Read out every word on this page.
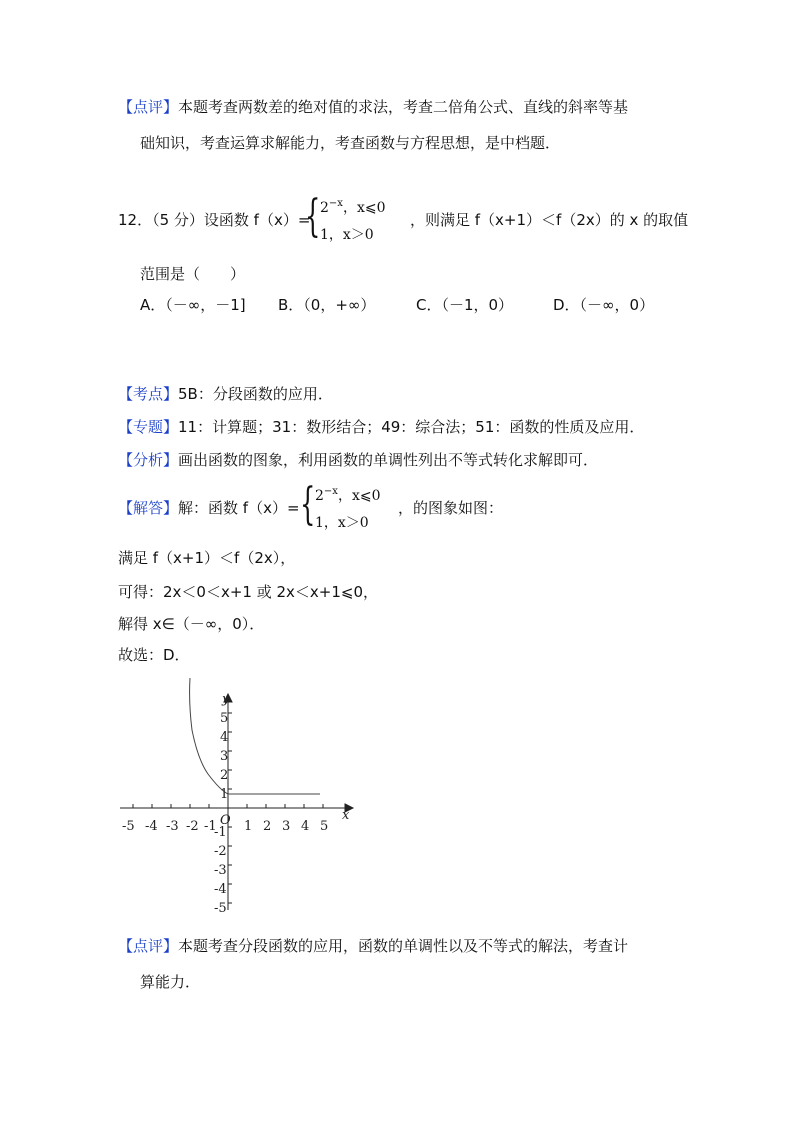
【点评】本题考查两数差的绝对值的求法，考查二倍角公式、直线的斜率等基
础知识，考查运算求解能力，考查函数与方程思想，是中档题．
12．（5 分）设函数 f（x）=
{ $2^{-x}$，x⩽0
1，x＞0
，则满足 f（x+1）＜f（2x）的 x 的取值
范围是（　　）
A．（－∞，－1] B．（0，+∞）	C．（－1，0）	D．（－∞，0）
【考点】5B：分段函数的应用．
【专题】11：计算题；31：数形结合；49：综合法；51：函数的性质及应用．
【分析】画出函数的图象，利用函数的单调性列出不等式转化求解即可．
【解答】解：函数 f（x）= { $2^{-x}$，x⩽0
1，x＞0
，的图象如图：
满足 f（x+1）＜f（2x），
可得：2x＜0＜x+1 或 2x＜x+1⩽0，
解得 x∈（－∞，0）．
故选：D．
x
y
O
-5 -4 -3 -2 -1 1 2 3 4 5
5
4
3
2
1
-1
-2
-3
-4
-5
【点评】本题考查分段函数的应用，函数的单调性以及不等式的解法，考查计
算能力．
